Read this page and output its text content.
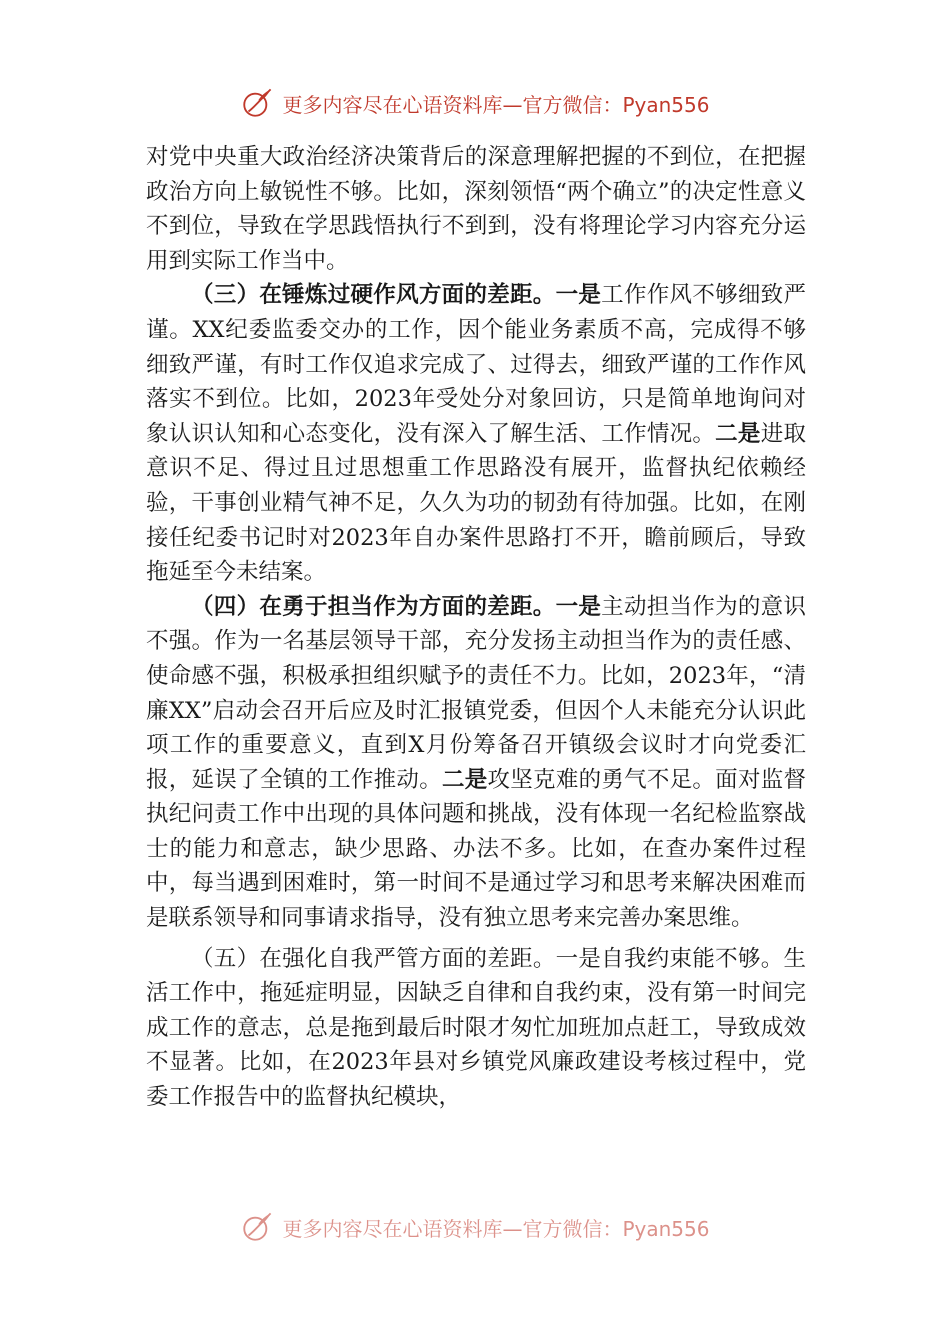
更多内容尽在心语资料库—官方微信：Pyan556

对党中央重大政治经济决策背后的深意理解把握的不到位，在把握政治方向上敏锐性不够。比如，深刻领悟“两个确立”的决定性意义不到位，导致在学思践悟执行不到到，没有将理论学习内容充分运用到实际工作当中。

（三）在锤炼过硬作风方面的差距。一是工作作风不够细致严谨。XX纪委监委交办的工作，因个能业务素质不高，完成得不够细致严谨，有时工作仅追求完成了、过得去，细致严谨的工作作风落实不到位。比如，2023年受处分对象回访，只是简单地询问对象认识认知和心态变化，没有深入了解生活、工作情况。二是进取意识不足、得过且过思想重工作思路没有展开，监督执纪依赖经验，干事创业精气神不足，久久为功的韧劲有待加强。比如，在刚接任纪委书记时对2023年自办案件思路打不开，瞻前顾后，导致拖延至今未结案。

（四）在勇于担当作为方面的差距。一是主动担当作为的意识不强。作为一名基层领导干部，充分发扬主动担当作为的责任感、使命感不强，积极承担组织赋予的责任不力。比如，2023年，“清廉XX”启动会召开后应及时汇报镇党委，但因个人未能充分认识此项工作的重要意义，直到X月份筹备召开镇级会议时才向党委汇报，延误了全镇的工作推动。二是攻坚克难的勇气不足。面对监督执纪问责工作中出现的具体问题和挑战，没有体现一名纪检监察战士的能力和意志，缺少思路、办法不多。比如，在查办案件过程中，每当遇到困难时，第一时间不是通过学习和思考来解决困难而是联系领导和同事请求指导，没有独立思考来完善办案思维。

（五）在强化自我严管方面的差距。一是自我约束能不够。生活工作中，拖延症明显，因缺乏自律和自我约束，没有第一时间完成工作的意志，总是拖到最后时限才匆忙加班加点赶工，导致成效不显著。比如，在2023年县对乡镇党风廉政建设考核过程中，党委工作报告中的监督执纪模块，

更多内容尽在心语资料库—官方微信：Pyan556
